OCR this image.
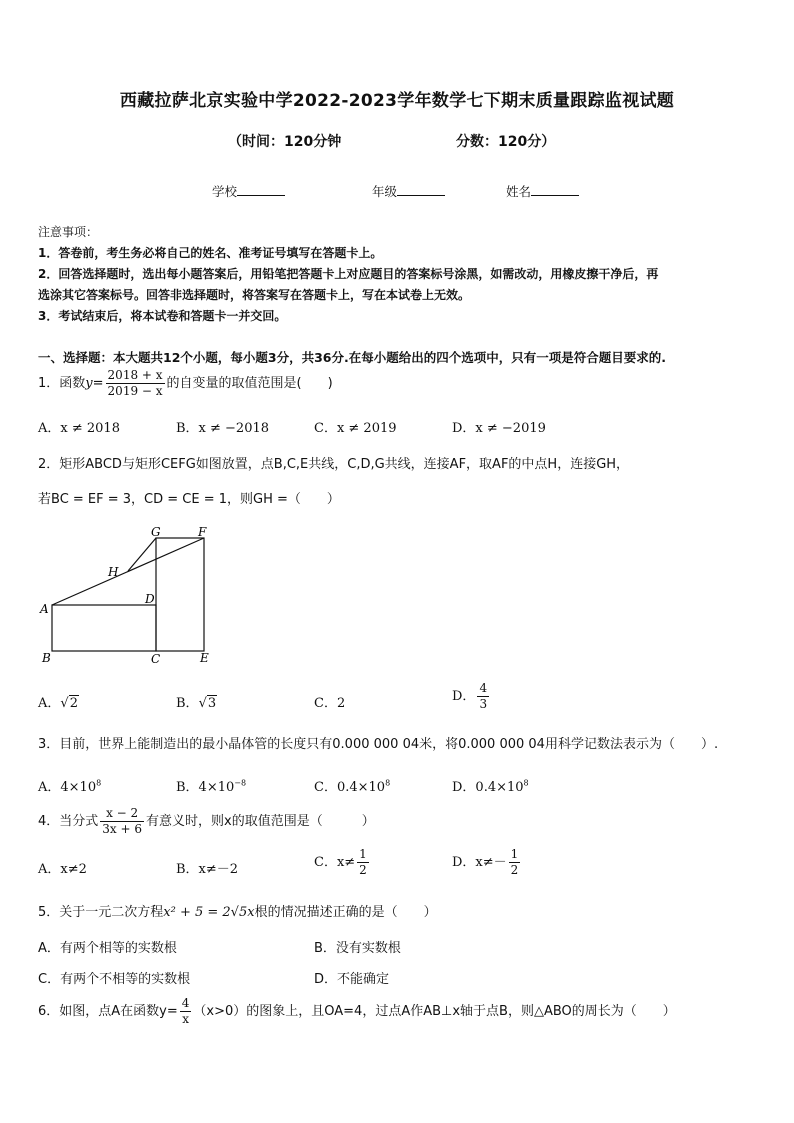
西藏拉萨北京实验中学2022-2023学年数学七下期末质量跟踪监视试题
（时间：120分钟	分数：120分）
学校	年级	姓名
注意事项：
1．答卷前，考生务必将自己的姓名、准考证号填写在答题卡上。
2．回答选择题时，选出每小题答案后，用铅笔把答题卡上对应题目的答案标号涂黑，如需改动，用橡皮擦干净后，再
选涂其它答案标号。回答非选择题时，将答案写在答题卡上，写在本试卷上无效。
3．考试结束后，将本试卷和答题卡一并交回。
一、选择题：本大题共12个小题，每小题3分，共36分.在每小题给出的四个选项中，只有一项是符合题目要求的.
1．函数$y= \frac{2018 + x}{2019 - x}$ 的自变量的取值范围是(　　)
A．x ≠ 2018	B．x ≠ −2018	C．x ≠ 2019	D．x ≠ −2019
2．矩形ABCD与矩形CEFG如图放置，点B,C,E共线，C,D,G共线，连接AF，取AF的中点H，连接GH，
若BC = EF = 3，CD = CE = 1，则GH =（　　）
A
B	C
D
E
F
G
H
A．√2	B．√3	C．2	D． $\frac{4}{3}$
3．目前，世界上能制造出的最小晶体管的长度只有0.000 000 04米，将0.000 000 04用科学记数法表示为（　　）.
A．$4\times 10^8$	B．$4\times 10^{-8}$	C．$0.4\times 10^8$	D．$0.4\times 10^8$
4．当分式 $\frac{x - 2}{3x + 6}$ 有意义时，则x的取值范围是（　　　）
A．x≠2	B．x≠－2	C．$x\ne \frac{1}{2}$	D．$x\ne- \frac{1}{2}$
5．关于一元二次方程x² + 5 = 2√5x根的情况描述正确的是（　　）
A．有两个相等的实数根	B．没有实数根
C．有两个不相等的实数根	D．不能确定
6．如图，点A在函数$y= \frac{4}{x} (x>0)$的图象上，且OA=4，过点A作AB⊥x轴于点B，则△ABO的周长为（　　）
